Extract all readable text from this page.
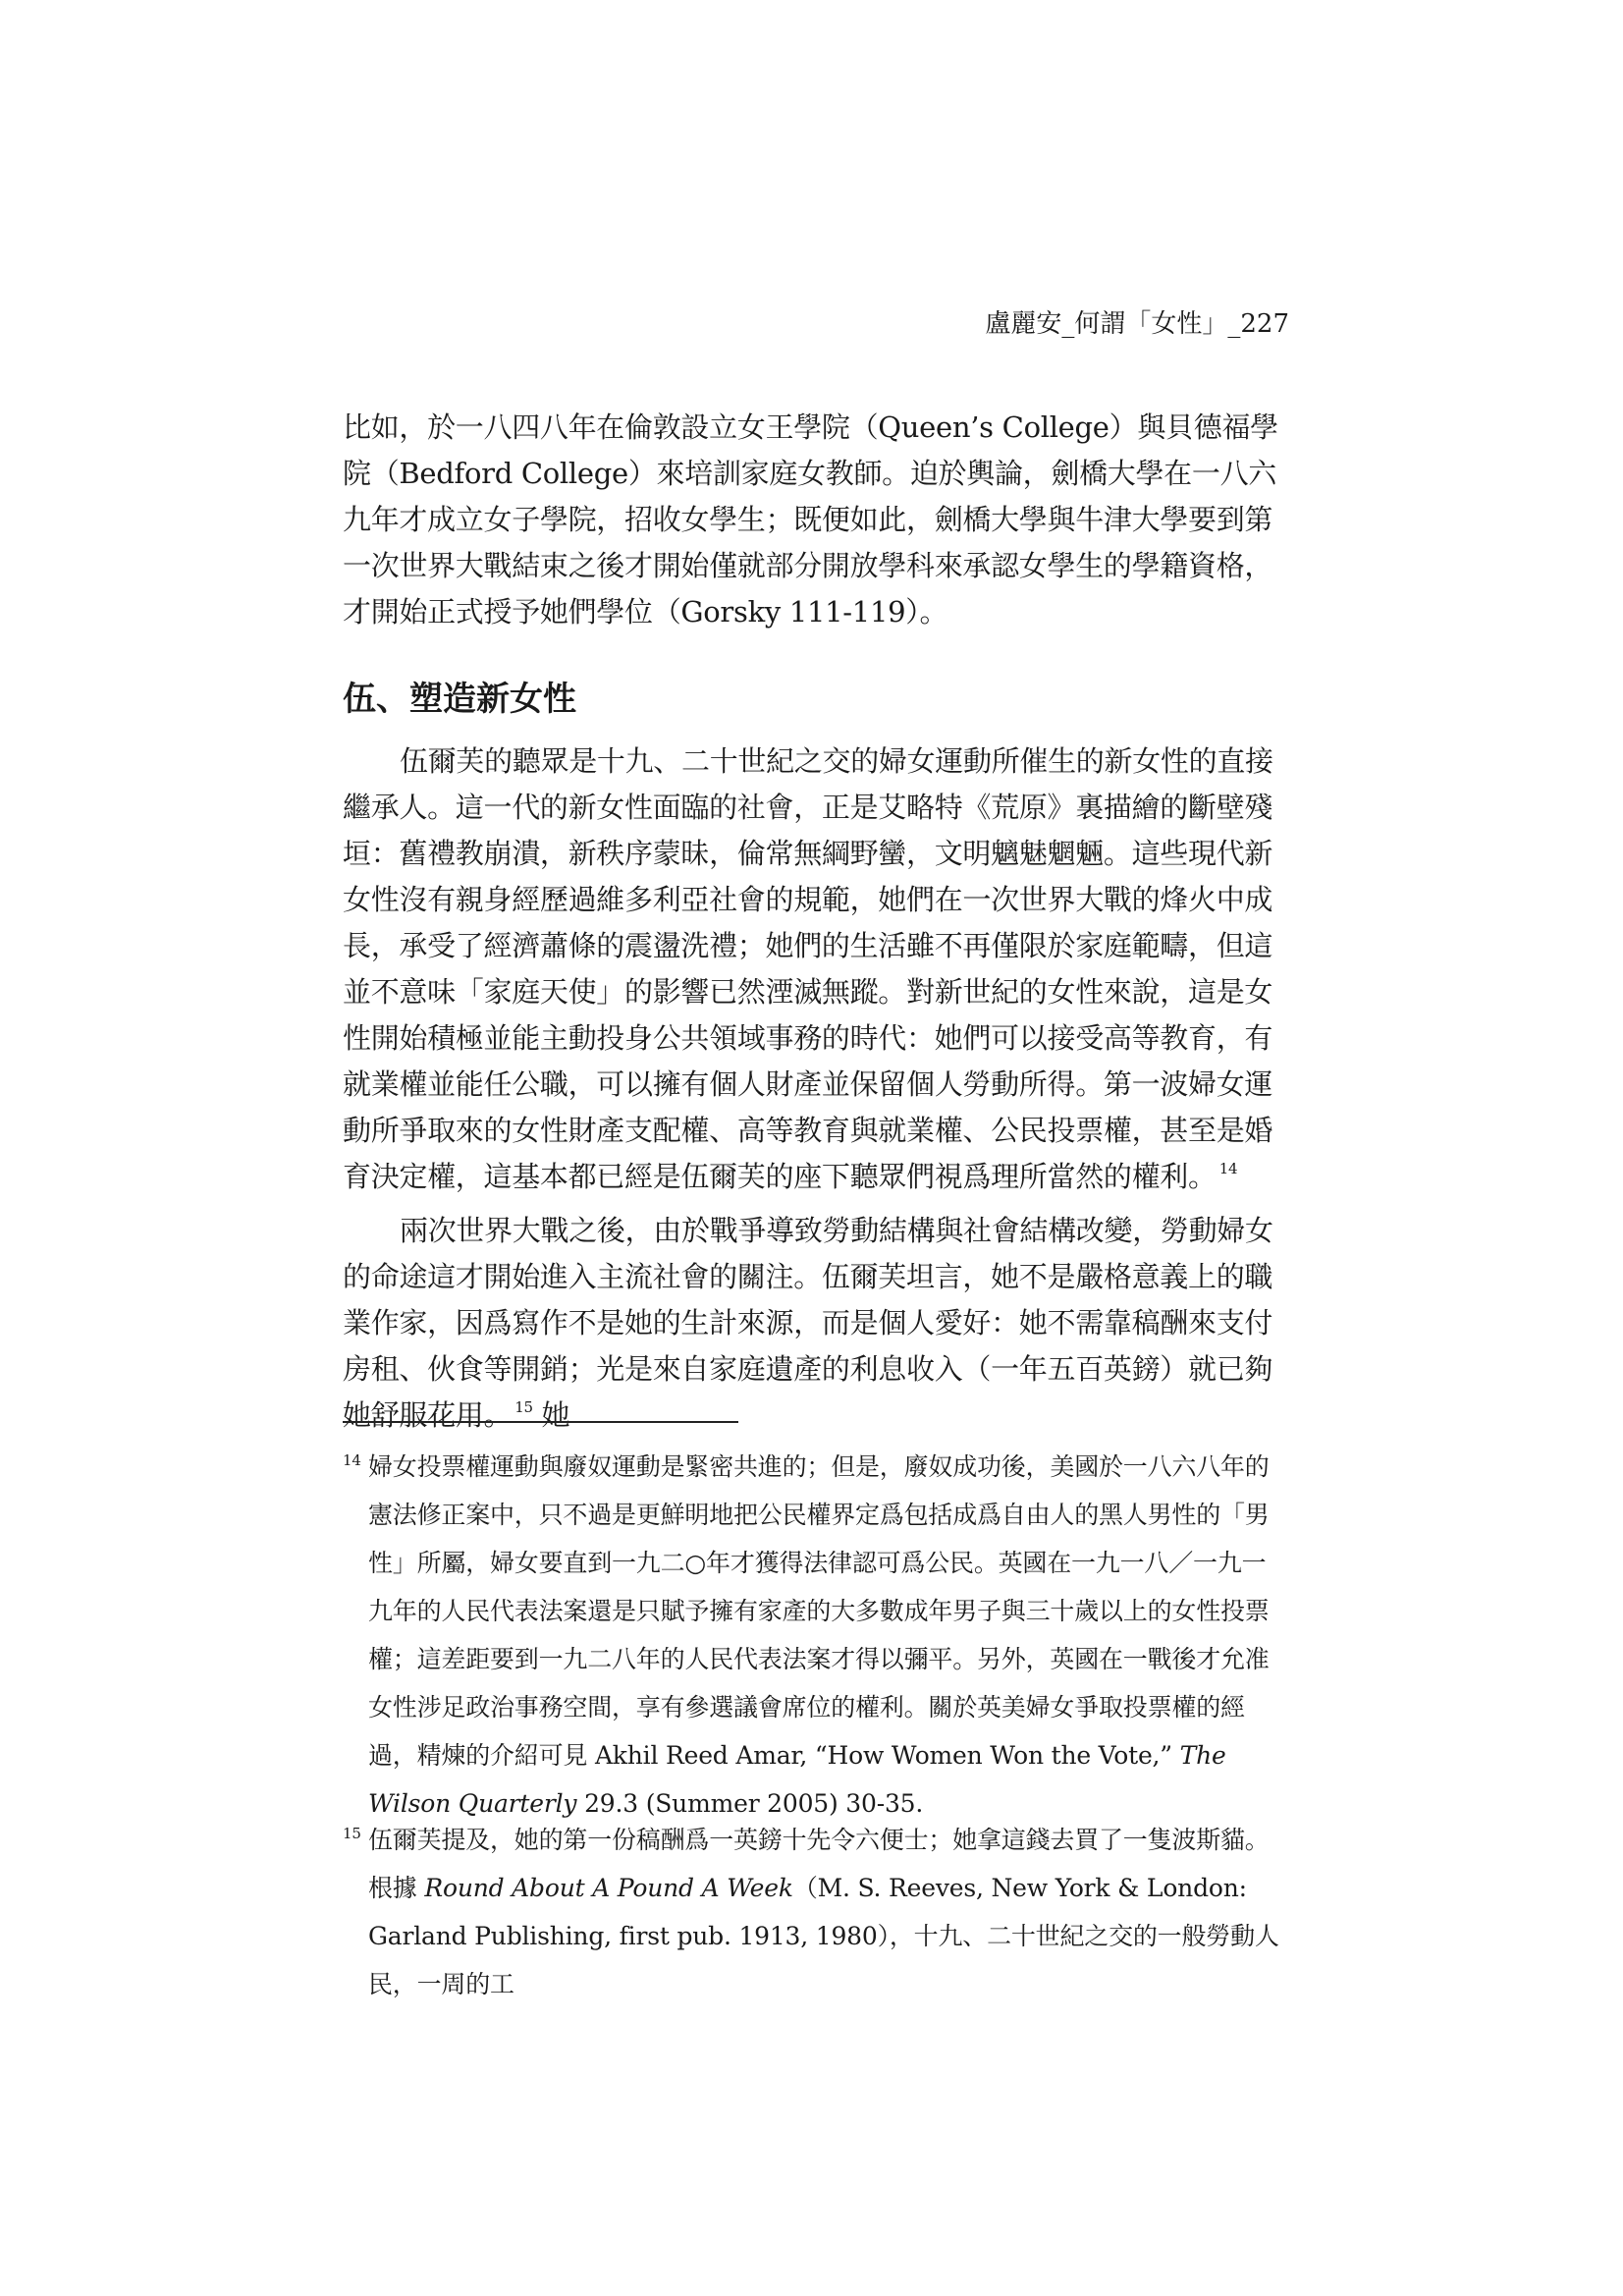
盧麗安_何謂「女性」_227

比如，於一八四八年在倫敦設立女王學院（Queen’s College）與貝德福學院（Bedford College）來培訓家庭女教師。迫於輿論，劍橋大學在一八六九年才成立女子學院，招收女學生；既便如此，劍橋大學與牛津大學要到第一次世界大戰結束之後才開始僅就部分開放學科來承認女學生的學籍資格，才開始正式授予她們學位（Gorsky 111-119）。

伍、塑造新女性

伍爾芙的聽眾是十九、二十世紀之交的婦女運動所催生的新女性的直接繼承人。這一代的新女性面臨的社會，正是艾略特《荒原》裏描繪的斷壁殘垣：舊禮教崩潰，新秩序蒙昧，倫常無綱野蠻，文明魑魅魍魎。這些現代新女性沒有親身經歷過維多利亞社會的規範，她們在一次世界大戰的烽火中成長，承受了經濟蕭條的震盪洗禮；她們的生活雖不再僅限於家庭範疇，但這並不意味「家庭天使」的影響已然湮滅無蹤。對新世紀的女性來說，這是女性開始積極並能主動投身公共領域事務的時代：她們可以接受高等教育，有就業權並能任公職，可以擁有個人財產並保留個人勞動所得。第一波婦女運動所爭取來的女性財產支配權、高等教育與就業權、公民投票權，甚至是婚育決定權，這基本都已經是伍爾芙的座下聽眾們視爲理所當然的權利。 $^{14}$

兩次世界大戰之後，由於戰爭導致勞動結構與社會結構改變，勞動婦女的命途這才開始進入主流社會的關注。伍爾芙坦言，她不是嚴格意義上的職業作家，因爲寫作不是她的生計來源，而是個人愛好：她不需靠稿酬來支付房租、伙食等開銷；光是來自家庭遺產的利息收入（一年五百英鎊）就已夠她舒服花用。 $^{15}$ 她

14 婦女投票權運動與廢奴運動是緊密共進的；但是，廢奴成功後，美國於一八六八年的憲法修正案中，只不過是更鮮明地把公民權界定爲包括成爲自由人的黑人男性的「男性」所屬，婦女要直到一九二○年才獲得法律認可爲公民。英國在一九一八／一九一九年的人民代表法案還是只賦予擁有家產的大多數成年男子與三十歲以上的女性投票權；這差距要到一九二八年的人民代表法案才得以彌平。另外，英國在一戰後才允准女性涉足政治事務空間，享有參選議會席位的權利。關於英美婦女爭取投票權的經過，精煉的介紹可見 Akhil Reed Amar, “How Women Won the Vote,” The Wilson Quarterly 29.3 (Summer 2005) 30-35.
15 伍爾芙提及，她的第一份稿酬爲一英鎊十先令六便士；她拿這錢去買了一隻波斯貓。根據 Round About A Pound A Week（M. S. Reeves, New York & London: Garland Publishing, first pub. 1913, 1980），十九、二十世紀之交的一般勞動人民，一周的工
